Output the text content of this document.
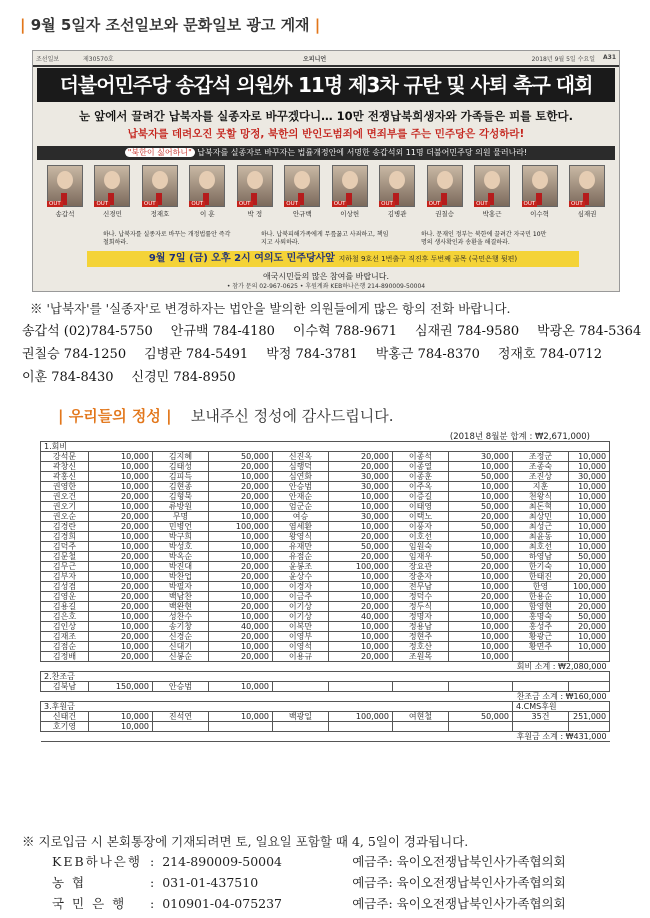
| 9월 5일자 조선일보와 문화일보 광고 게재 |
조선일보	제30570호	오피니언	2018년 9월 5일 수요일 A31
더불어민주당 송갑석 의원外 11명 제3차 규탄 및 사퇴 촉구 대회
눈 앞에서 끌려간 납북자를 실종자로 바꾸겠다니… 10만 전쟁납북희생자와 가족들은 피를 토한다.
납북자를 데려오진 못할 망정, 북한의 반인도범죄에 면죄부를 주는 민주당은 각성하라!
"북한이 싫어하니" 납북자를 실종자로 바꾸자는 법률개정안에 서명한 송갑석외 11명 더불어민주당 의원 물러나라!
OUT
송갑석
OUT
신경민
OUT
정재호
OUT
이 훈
OUT
박 정
OUT
안규백
OUT
이상헌
OUT
김병관
OUT
권칠승
OUT
박홍근
OUT
이수혁
OUT
심재권
하나. 납북자를 실종자로 바꾸는 개정법률안 즉각 철회하라.
하나. 납북피해가족에게 무릎꿇고 사죄하고, 책임지고 사퇴하라.
하나. 문재인 정부는 북한에 끌려간 자국민 10만명의 생사확인과 송환을 해결하라.
9월 7일 (금) 오후 2시 여의도 민주당사앞 지하철 9호선 1번출구 직진후 두번째 골목 (국민은행 뒷편)
애국시민들의 많은 참여를 바랍니다.
• 참가 문의 02-967-0625 • 후원계좌 KEB하나은행 214-890009-50004
※ '납북자'를 '실종자'로 변경하자는 법안을 발의한 의원들에게 많은 항의 전화 바랍니다.
송갑석 (02)784-5750 안규백 784-4180 이수혁 788-9671 심재권 784-9580 박광온 784-5364
권칠승 784-1250 김병관 784-5491 박정 784-3781 박홍근 784-8370 정재호 784-0712
이훈 784-8430 신경민 784-8950
| 우리들의 정성 | 보내주신 정성에 감사드립니다.
(2018년 8월분 합계 : ₩2,671,000)
1.회비									
강석문	10,000	김지혜	50,000	신진옥	20,000	이종석	30,000	조정군	10,000
곽창신	10,000	김태성	20,000	심행덕	20,000	이종열	10,000	조종숙	10,000
곽홍신	10,000	김피득	10,000	심연화	30,000	이종훈	50,000	조진상	30,000
권영한	10,000	김현종	20,000	안승범	30,000	이주옥	10,000	지훈	10,000
권오건	20,000	김형묵	20,000	안재순	10,000	이증길	10,000	천왕식	10,000
권오기	10,000	류방원	10,000	엄군순	10,000	이태영	50,000	최돈혁	10,000
권오순	20,000	무명	10,000	여승	30,000	이택노	20,000	최상민	10,000
김경란	20,000	민병언	100,000	염세환	10,000	이풍자	50,000	최성근	10,000
김경희	10,000	박구희	10,000	왕영식	20,000	이호선	10,000	최윤동	10,000
김덕주	10,000	박성호	10,000	유재만	50,000	임원숙	10,000	최호선	10,000
김문철	20,000	박옥순	10,000	유점순	20,000	임재우	50,000	하영남	50,000
김무근	10,000	박진대	20,000	윤봉조	100,000	장요관	20,000	한기숙	10,000
김부자	10,000	박찬업	20,000	윤상수	10,000	장춘자	10,000	한태진	20,000
김성겸	20,000	박필자	10,000	이경자	10,000	전무남	10,000	한영	100,000
김영운	20,000	백남찬	10,000	이금주	10,000	정덕수	20,000	한용순	10,000
김용길	20,000	백완현	20,000	이기상	20,000	정두식	10,000	함영현	20,000
김은호	10,000	성찬수	10,000	이기상	40,000	정명자	10,000	홍명숙	50,000
김인상	10,000	송기창	40,000	이복만	10,000	정용남	10,000	홍성주	20,000
김재조	20,000	신경순	20,000	이영부	10,000	정현주	10,000	황광근	10,000
김점순	10,000	신대기	10,000	이영석	10,000	정호산	10,000	황면주	10,000
김정배	20,000	신봉순	20,000	이용규	20,000	조원목	10,000		
회비 소계 : ₩2,080,000									
2.찬조금									
김북남	150,000	안승범	10,000						
찬조금 소계 : ₩160,000									
3.후원금								4.CMS후원	
신태건	10,000	진석연	10,000	백광일	100,000	여현철	50,000	35건	251,000
호기영	10,000								
후원금 소계 : ₩431,000									
※ 지로입금 시 본회통장에 기재되려면 토, 일요일 포함할 때 4, 5일이 경과됩니다.
KEB하나은행 : 214-890009-50004	예금주: 육이오전쟁납북인사가족협의회
농 협	: 031-01-437510	예금주: 육이오전쟁납북인사가족협의회
국 민 은 행 : 010901-04-075237	예금주: 육이오전쟁납북인사가족협의회
